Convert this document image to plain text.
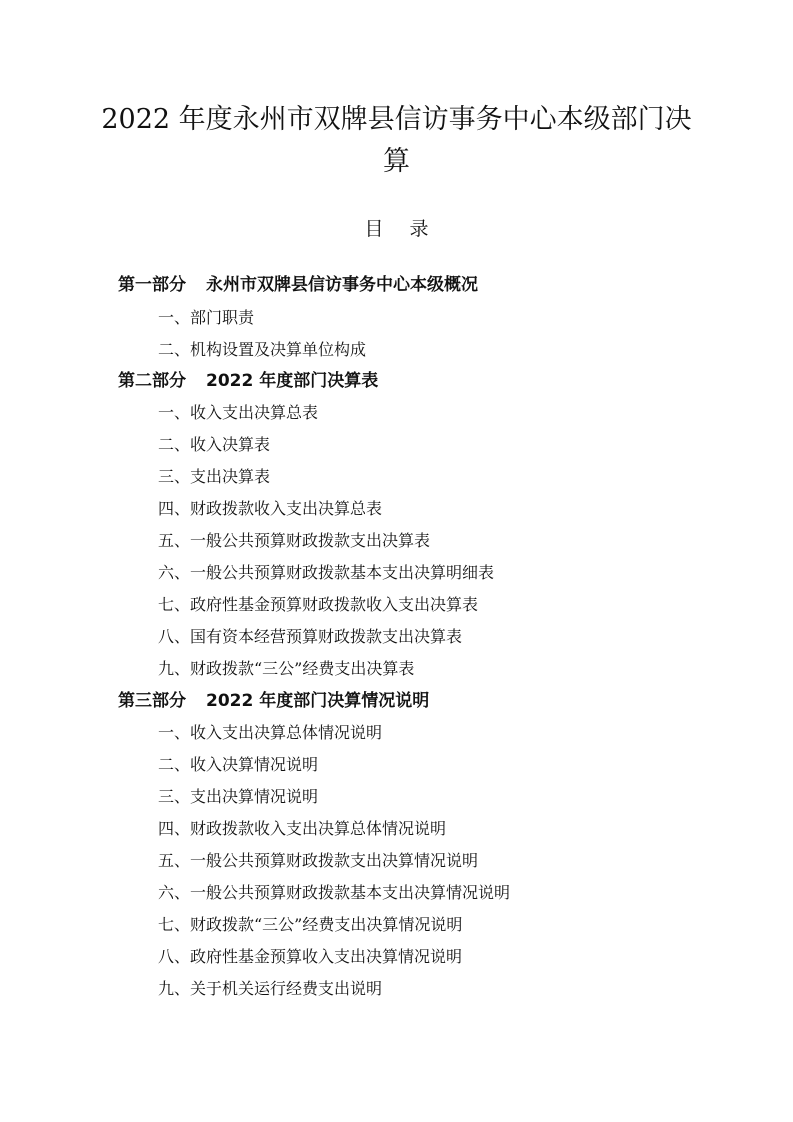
2022 年度永州市双牌县信访事务中心本级部门决
算
目 录
第一部分 永州市双牌县信访事务中心本级概况
一、部门职责
二、机构设置及决算单位构成
第二部分 2022 年度部门决算表
一、收入支出决算总表
二、收入决算表
三、支出决算表
四、财政拨款收入支出决算总表
五、一般公共预算财政拨款支出决算表
六、一般公共预算财政拨款基本支出决算明细表
七、政府性基金预算财政拨款收入支出决算表
八、国有资本经营预算财政拨款支出决算表
九、财政拨款“三公”经费支出决算表
第三部分 2022 年度部门决算情况说明
一、收入支出决算总体情况说明
二、收入决算情况说明
三、支出决算情况说明
四、财政拨款收入支出决算总体情况说明
五、一般公共预算财政拨款支出决算情况说明
六、一般公共预算财政拨款基本支出决算情况说明
七、财政拨款“三公”经费支出决算情况说明
八、政府性基金预算收入支出决算情况说明
九、关于机关运行经费支出说明
